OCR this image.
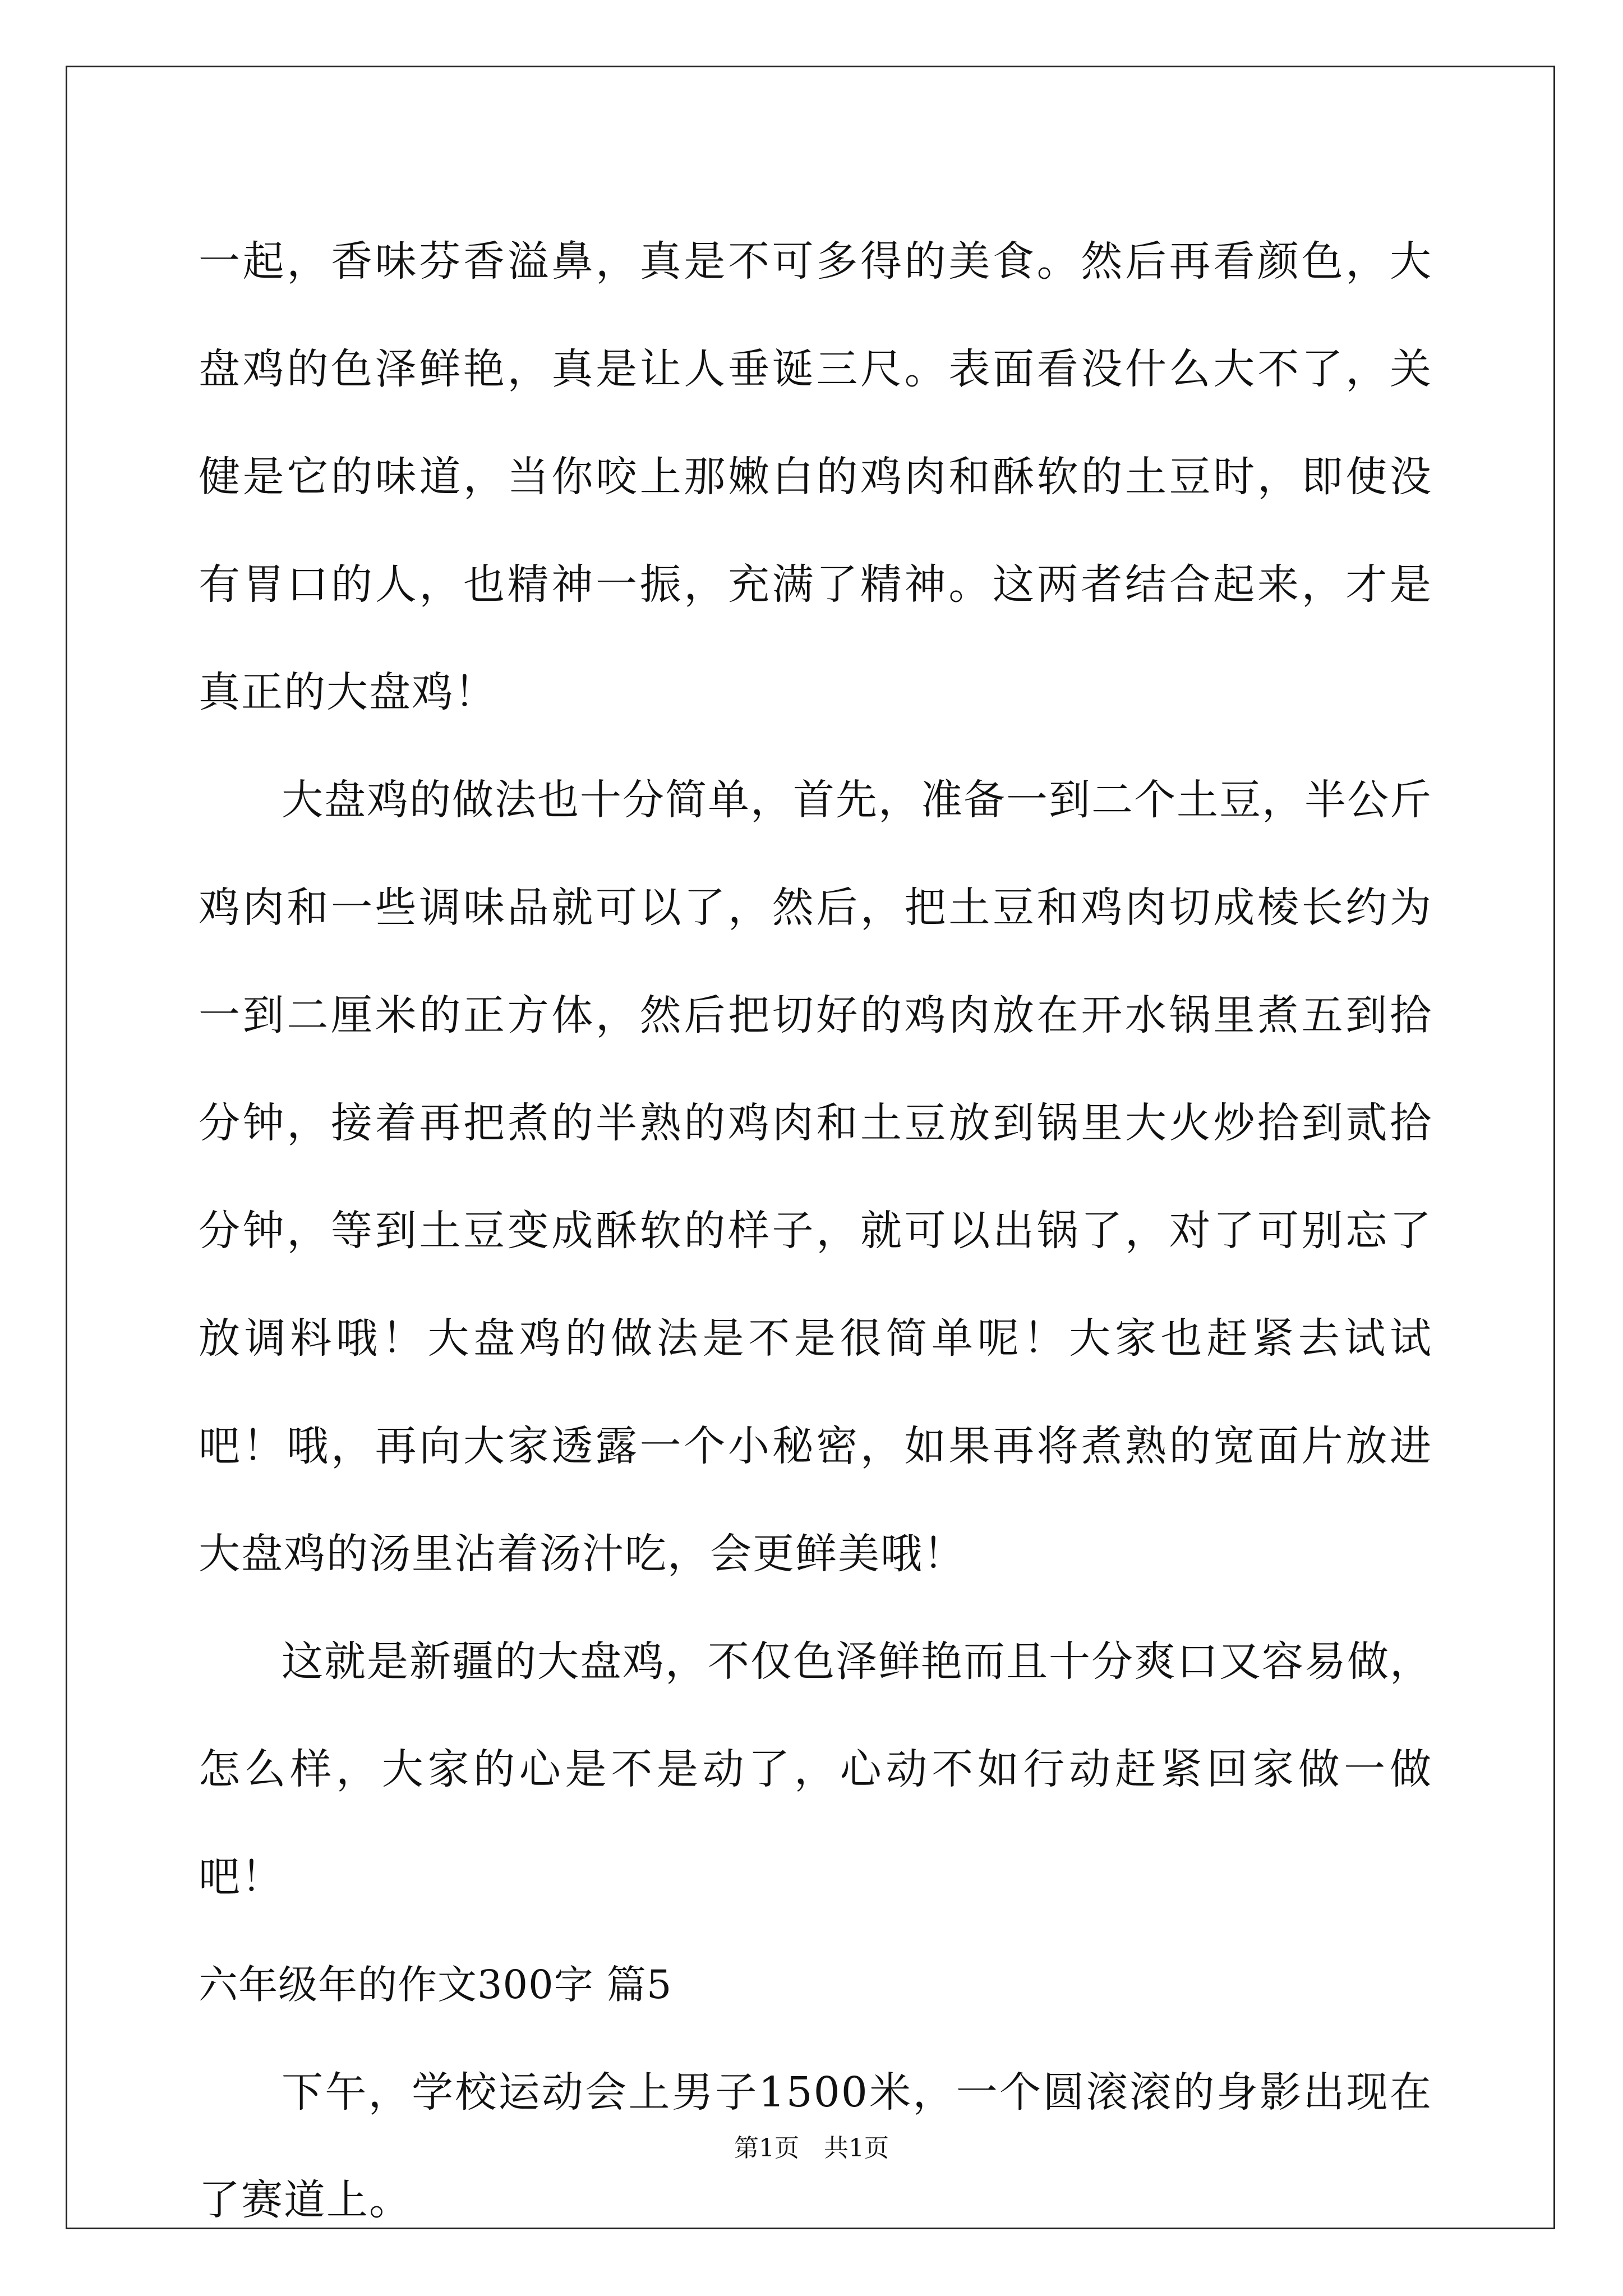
一起，香味芬香溢鼻，真是不可多得的美食。然后再看颜色，大盘鸡的色泽鲜艳，真是让人垂诞三尺。表面看没什么大不了，关健是它的味道，当你咬上那嫩白的鸡肉和酥软的土豆时，即使没有胃口的人，也精神一振，充满了精神。这两者结合起来，才是真正的大盘鸡！

大盘鸡的做法也十分简单，首先，准备一到二个土豆，半公斤鸡肉和一些调味品就可以了，然后，把土豆和鸡肉切成棱长约为一到二厘米的正方体，然后把切好的鸡肉放在开水锅里煮五到拾分钟，接着再把煮的半熟的鸡肉和土豆放到锅里大火炒拾到贰拾分钟，等到土豆变成酥软的样子，就可以出锅了，对了可别忘了放调料哦！大盘鸡的做法是不是很简单呢！大家也赶紧去试试吧！哦，再向大家透露一个小秘密，如果再将煮熟的宽面片放进大盘鸡的汤里沾着汤汁吃，会更鲜美哦！

这就是新疆的大盘鸡，不仅色泽鲜艳而且十分爽口又容易做，怎么样，大家的心是不是动了，心动不如行动赶紧回家做一做吧！

六年级年的作文300字 篇5

下午，学校运动会上男子1500米，一个圆滚滚的身影出现在了赛道上。

第1页　共1页
